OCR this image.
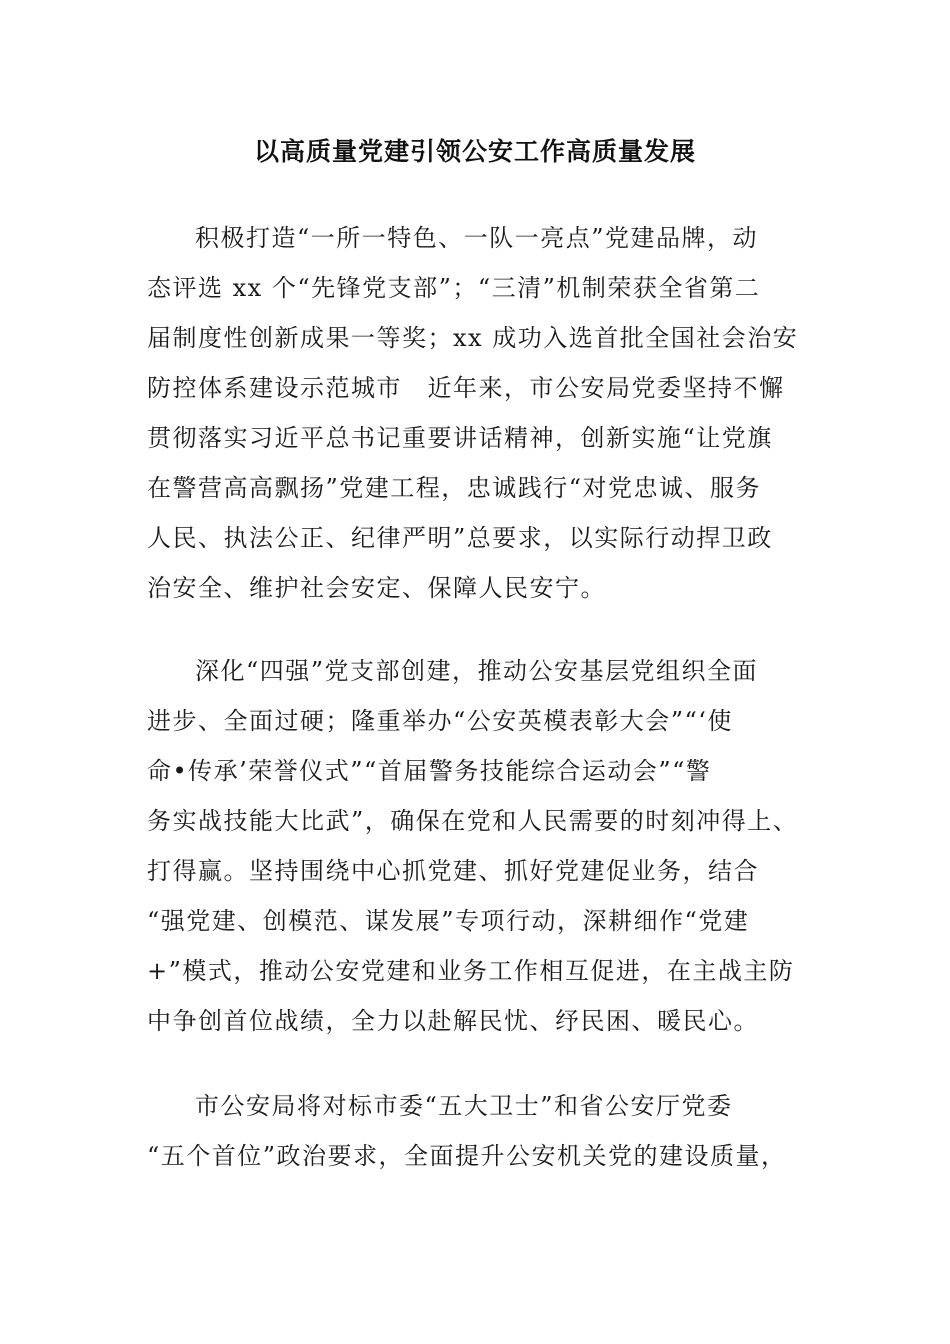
以高质量党建引领公安工作高质量发展
积极打造“一所一特色、一队一亮点”党建品牌，动
态评选 xx 个“先锋党支部”；“三清”机制荣获全省第二
届制度性创新成果一等奖；xx 成功入选首批全国社会治安
防控体系建设示范城市　近年来，市公安局党委坚持不懈
贯彻落实习近平总书记重要讲话精神，创新实施“让党旗
在警营高高飘扬”党建工程，忠诚践行“对党忠诚、服务
人民、执法公正、纪律严明”总要求，以实际行动捍卫政
治安全、维护社会安定、保障人民安宁。
深化“四强”党支部创建，推动公安基层党组织全面
进步、全面过硬；隆重举办“公安英模表彰大会”“‘使
命•传承’荣誉仪式”“首届警务技能综合运动会”“警
务实战技能大比武”，确保在党和人民需要的时刻冲得上、
打得赢。坚持围绕中心抓党建、抓好党建促业务，结合
“强党建、创模范、谋发展”专项行动，深耕细作“党建
+”模式，推动公安党建和业务工作相互促进，在主战主防
中争创首位战绩，全力以赴解民忧、纾民困、暖民心。
市公安局将对标市委“五大卫士”和省公安厅党委
“五个首位”政治要求，全面提升公安机关党的建设质量，
